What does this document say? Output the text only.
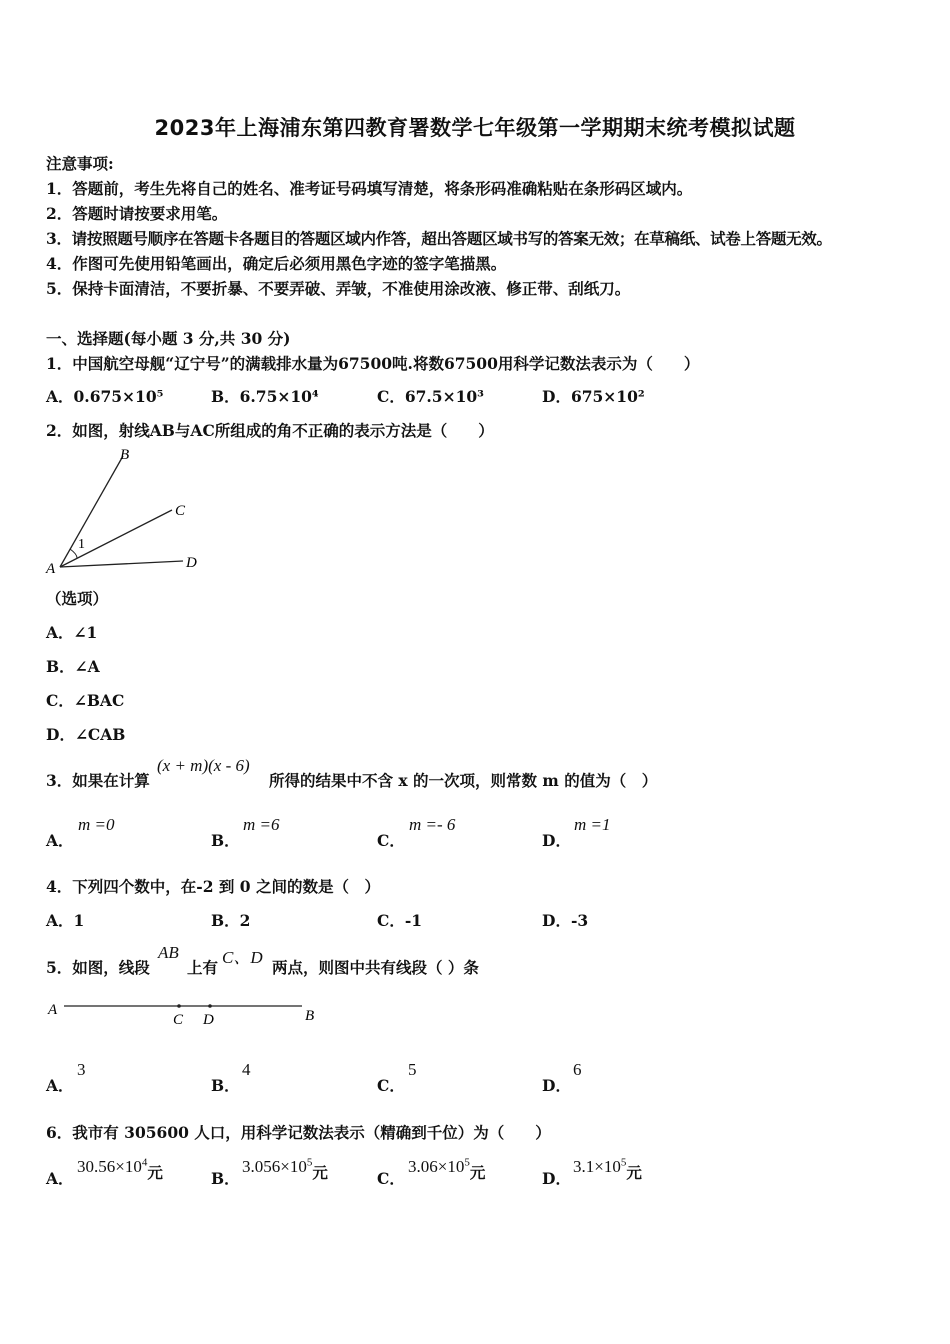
2023年上海浦东第四教育署数学七年级第一学期期末统考模拟试题
注意事项:
1．答题前，考生先将自己的姓名、准考证号码填写清楚，将条形码准确粘贴在条形码区域内。
2．答题时请按要求用笔。
3．请按照题号顺序在答题卡各题目的答题区域内作答，超出答题区域书写的答案无效；在草稿纸、试卷上答题无效。
4．作图可先使用铅笔画出，确定后必须用黑色字迹的签字笔描黑。
5．保持卡面清洁，不要折暴、不要弄破、弄皱，不准使用涂改液、修正带、刮纸刀。
一、选择题(每小题 3 分,共 30 分)
1．中国航空母舰“辽宁号”的满载排水量为67500吨.将数67500用科学记数法表示为（　　）
A．0.675×10⁵	B．6.75×10⁴	C．67.5×10³	D．675×10²
2．如图，射线AB与AC所组成的角不正确的表示方法是（　　）
A
B
C
D
1
（选项）
A．∠1
B．∠A
C．∠BAC
D．∠CAB
3．如果在计算
(x + m)(x - 6)
所得的结果中不含 x 的一次项，则常数 m 的值为（　）
A．
m =0
B．
m =6
C．
m =- 6
D．
m =1
4．下列四个数中，在-2 到 0 之间的数是（　）
A．1	B．2	C．-1	D．-3
5．如图，线段
AB
上有
C、D
两点，则图中共有线段（ ）条
A
C D	B
A．
3
B．
4
C．
5
D．
6
6．我市有 305600 人口，用科学记数法表示（精确到千位）为（　　）
A．
$30.56\times 10^4$元	B．
$3.056\times 10^5$元	C．
$3.06\times 10^5$元	D．
$3.1\times 10^5$元
